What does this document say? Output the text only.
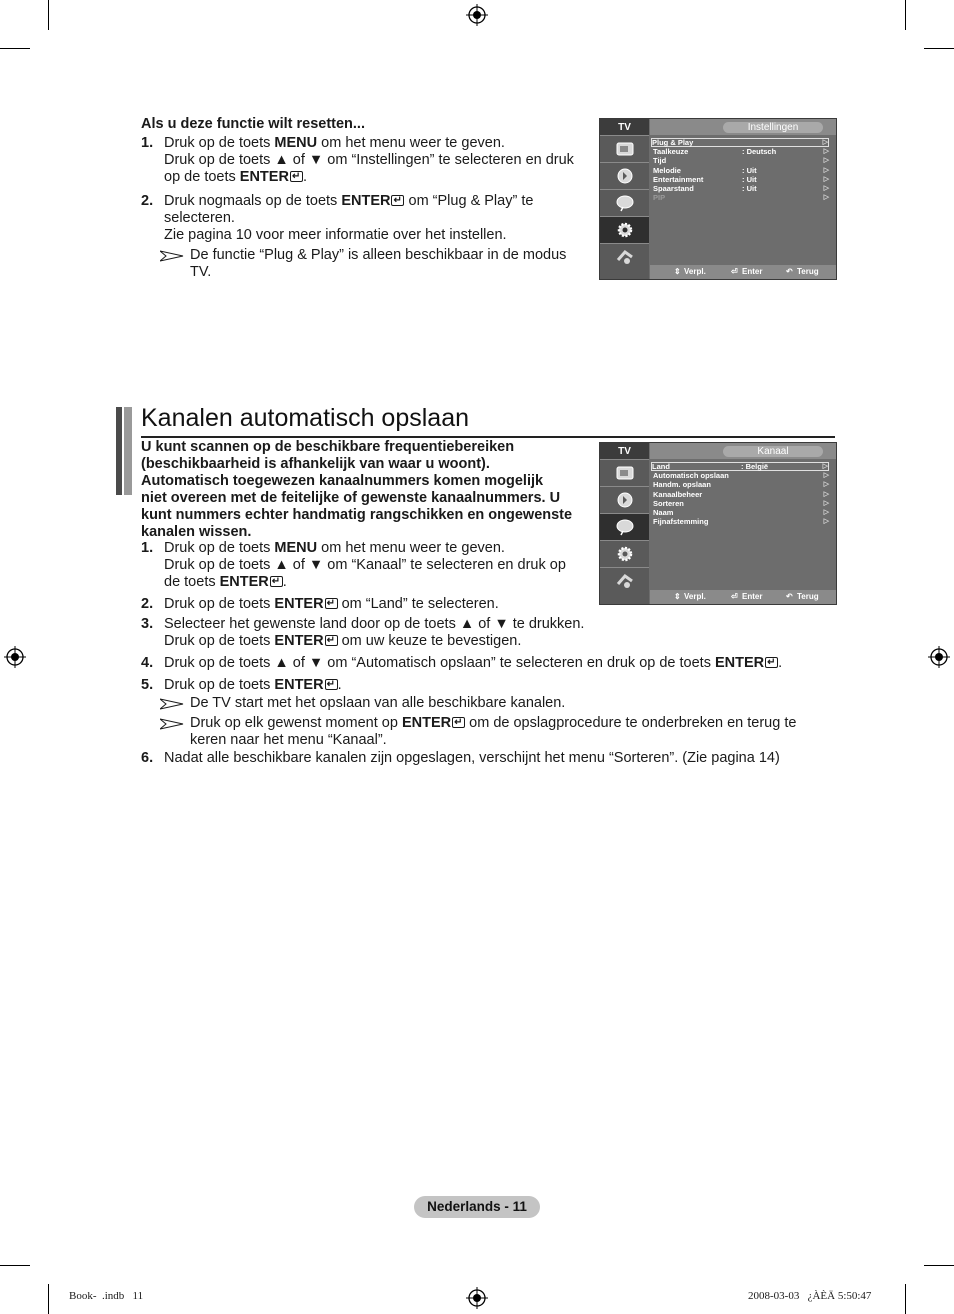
Als u deze functie wilt resetten...
1. Druk op de toets MENU om het menu weer te geven.
Druk op de toets ▲ of ▼ om “Instellingen” te selecteren en druk
op de toets ENTER ↵ .
2. Druk nogmaals op de toets ENTER↵ om “Plug & Play” te
selecteren.
Zie pagina 10 voor meer informatie over het instellen.
De functie “Plug & Play” is alleen beschikbaar in de modus
TV.
TV	Instellingen
Plug & Play	▷
Taalkeuze	: Deutsch	▷
Tijd	▷
Melodie	: Uit	▷
Entertainment	: Uit	▷
Spaarstand	: Uit	▷
PIP	▷
⇕ Verpl.	⏎ Enter	↶ Terug
Kanalen automatisch opslaan
U kunt scannen op de beschikbare frequentiebereiken
(beschikbaarheid is afhankelijk van waar u woont).
Automatisch toegewezen kanaalnummers komen mogelijk
niet overeen met de feitelijke of gewenste kanaalnummers. U
kunt nummers echter handmatig rangschikken en ongewenste
kanalen wissen.
1. Druk op de toets MENU om het menu weer te geven.
Druk op de toets ▲ of ▼ om “Kanaal” te selecteren en druk op
de toets ENTER ↵ .
2. Druk op de toets ENTER↵ om “Land” te selecteren.
3. Selecteer het gewenste land door op de toets ▲ of ▼ te drukken.
Druk op de toets ENTER↵ om uw keuze te bevestigen.
4. Druk op de toets ▲ of ▼ om “Automatisch opslaan” te selecteren en druk op de toets ENTER ↵ .
5. Druk op de toets ENTER ↵ .
De TV start met het opslaan van alle beschikbare kanalen.
Druk op elk gewenst moment op ENTER↵ om de opslagprocedure te onderbreken en terug te
keren naar het menu “Kanaal”.
6. Nadat alle beschikbare kanalen zijn opgeslagen, verschijnt het menu “Sorteren”. (Zie pagina 14)
TV	Kanaal
Land	: België	▷
Automatisch opslaan	▷
Handm. opslaan	▷
Kanaalbeheer	▷
Sorteren	▷
Naam	▷
Fijnafstemming	▷
⇕ Verpl.	⏎ Enter	↶ Terug
Nederlands - 11
Book-  .indb   11	2008-03-03   ¿ÀÈÄ 5:50:47
